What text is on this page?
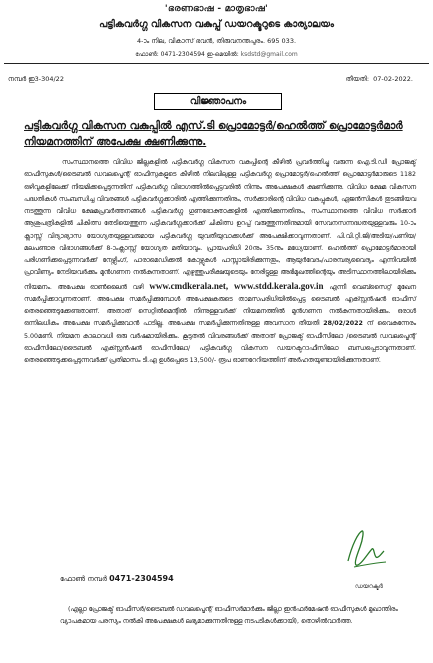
'ഭരണഭാഷ - മാതൃഭാഷ'
പട്ടികവർഗ്ഗ വികസന വകുപ്പ് ഡയറക്ടറുടെ കാര്യാലയം
4-ാം നില, വികാസ് ഭവൻ, തിരുവനന്തപുരം. 695 033.
ഫോൺ: 0471-2304594 ഇ-മെയിൽ: ksdstd@gmail.com
നമ്പർ ഇ3-304/22	തീയതി: 07-02-2022.
വിജ്ഞാപനം
പട്ടികവർഗ്ഗ വികസന വകുപ്പിൽ എസ്.ടി പ്രൊമോട്ടർ/ഹെൽത്ത് പ്രൊമോട്ടർമാർ നിയമനത്തിന് അപേക്ഷ ക്ഷണിക്കുന്നു.
സംസ്ഥാനത്തെ വിവിധ ജില്ലകളിൽ പട്ടികവർഗ്ഗ വികസന വകുപ്പിന്റെ കീഴിൽ പ്രവർത്തിച്ചു വരുന്ന ഐ.ടി.ഡി പ്രോജക്ട് ഓഫീസുകൾ/ട്രൈബൽ ഡവലപ്മെന്റ് ഓഫീസുകളുടെ കീഴിൽ നിലവിലുള്ള പട്ടികവർഗ്ഗ പ്രൊമോട്ടർ/ഹെൽത്ത് പ്രൊമോട്ടർമാരുടെ 1182 ഒഴിവുകളിലേക്ക് നിയമിക്കപ്പെടുന്നതിന് പട്ടികവർഗ്ഗ വിഭാഗത്തിൽപ്പെട്ടവരിൽ നിന്നും അപേക്ഷകൾ ക്ഷണിക്കുന്നു. വിവിധ ക്ഷേമ വികസന പദ്ധതികൾ സംബന്ധിച്ച വിവരങ്ങൾ പട്ടികവർഗ്ഗക്കാരിൽ എത്തിക്കുന്നതിനും, സർക്കാരിന്റെ വിവിധ വകുപ്പുകൾ, ഏജൻസികൾ തുടങ്ങിയവ നടത്തുന്ന വിവിധ ക്ഷേമപ്രവർത്തനങ്ങൾ പട്ടികവർഗ്ഗ ഗുണഭോക്താക്കളിൽ എത്തിക്കുന്നതിനും, സംസ്ഥാനത്തെ വിവിധ സർക്കാർ ആശുപത്രികളിൽ ചികിത്സ തേടിയെത്തുന്ന പട്ടികവർഗ്ഗക്കാർക്ക് ചികിത്സ ഉറപ്പ് വരുത്തുന്നതിനുമായി സേവനസന്നദ്ധതയുള്ളവരും 10-ാംക്ലാസ്സ് വിദ്യാഭ്യാസ യോഗ്യതയുള്ളവരുമായ പട്ടികവർഗ്ഗ യുവതീയുവാക്കൾക്ക് അപേക്ഷിക്കാവുന്നതാണ്. പി.വി.റ്റി.ജി/അടിയ/പണിയ/മലപണ്ടാര വിഭാഗങ്ങൾക്ക് 8-ാംക്ലാസ്സ് യോഗ്യത മതിയാവും. പ്രായപരിധി 20നും 35നും മധ്യേയാണ്. ഹെൽത്ത് പ്രൊമോട്ടർമാരായി പരിഗണിക്കപ്പെടുന്നവർക്ക് നേഴ്സിംഗ്, പാരാമെഡിക്കൽ കോഴ്സുകൾ പാസ്സായിരിക്കുന്നതും, ആയുർവേദം/പാരമ്പര്യവൈദ്യം എന്നിവയിൽ പ്രാവീണ്യം നേടിയവർക്കും മുൻഗണന നൽകുന്നതാണ്. എഴുത്തുപരീക്ഷയുടെയും നേരിട്ടുള്ള അഭിമുഖത്തിന്റെയും അടിസ്ഥാനത്തിലായിരിക്കും നിയമനം. അപേക്ഷ ഓൺലൈൻ വഴി www.cmdkerala.net, www.stdd.kerala.gov.in എന്നീ വെബ്സൈറ്റ് മുഖേന സമർപ്പിക്കാവുന്നതാണ്. അപേക്ഷ സമർപ്പിക്കുമ്പോൾ അപേക്ഷകരുടെ താമസപരിധിയിൽപ്പെട്ട ട്രൈബൽ എക്സ്റ്റൻഷൻ ഓഫീസ് തെരഞ്ഞെടുക്കേണ്ടതാണ്. അതാത് സെറ്റിൽമെന്റിൽ നിന്നുള്ളവർക്ക് നിയമനത്തിൽ മുൻഗണന നൽകുന്നതായിരിക്കും. ഒരാൾ ഒന്നിലധികം അപേക്ഷ സമർപ്പിക്കുവാൻ പാടില്ല. അപേക്ഷ സമർപ്പിക്കുന്നതിനുള്ള അവസാന തീയതി 28/02/2022 ന് വൈകുന്നേരം 5.00മണി. നിയമന കാലാവധി ഒരു വർഷമായിരിക്കും. കൂടുതൽ വിവരങ്ങൾക്ക് അതാത് പ്രോജക്ട് ഓഫീസിലോ /ട്രൈബൽ ഡവലപ്മെന്റ് ഓഫീസിലോ/ട്രൈബൽ എക്സ്റ്റൻഷൻ ഓഫീസിലോ/ പട്ടികവർഗ്ഗ വികസന ഡയറക്ടറാഫീസിലോ ബന്ധപ്പെടാവുന്നതാണ്. തെരഞ്ഞെടുക്കപ്പെടുന്നവർക്ക് പ്രതിമാസം ടി.എ ഉൾപ്പെടെ 13,500/- രൂപ ഓണറേറിയത്തിന് അർഹതയുണ്ടായിരിക്കുന്നതാണ്.
ഡയറക്ടർ
ഫോൺ നമ്പർ 0471-2304594
(എല്ലാ പ്രോജക്ട് ഓഫീസർ/ട്രൈബൽ ഡവലപ്മെന്റ് ഓഫീസർമാർക്കും ജില്ലാ ഇൻഫർമേഷൻ ഓഫീസുകൾ മുഖാന്തിരം വ്യാപകമായ പരസ്യം നൽകി അപേക്ഷകൾ ലഭ്യമാക്കുന്നതിനുള്ള നടപടികൾക്കായി), തൊഴിൽവാർത്ത.
